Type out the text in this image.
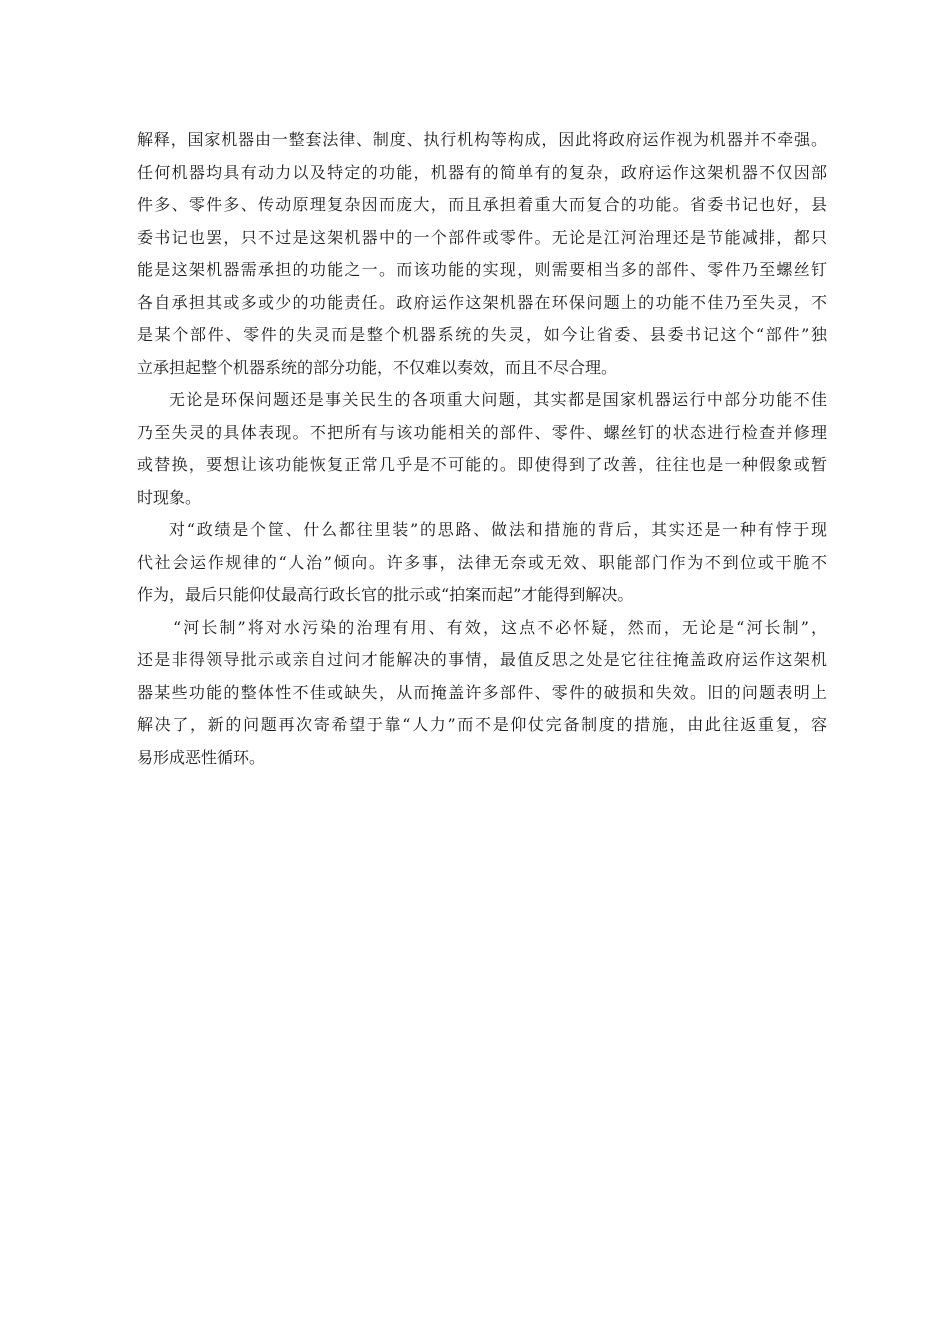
解释，国家机器由一整套法律、制度、执行机构等构成，因此将政府运作视为机器并不牵强。
任何机器均具有动力以及特定的功能，机器有的简单有的复杂，政府运作这架机器不仅因部
件多、零件多、传动原理复杂因而庞大，而且承担着重大而复合的功能。省委书记也好，县
委书记也罢，只不过是这架机器中的一个部件或零件。无论是江河治理还是节能减排，都只
能是这架机器需承担的功能之一。而该功能的实现，则需要相当多的部件、零件乃至螺丝钉
各自承担其或多或少的功能责任。政府运作这架机器在环保问题上的功能不佳乃至失灵，不
是某个部件、零件的失灵而是整个机器系统的失灵，如今让省委、县委书记这个“部件”独
立承担起整个机器系统的部分功能，不仅难以奏效，而且不尽合理。
无论是环保问题还是事关民生的各项重大问题，其实都是国家机器运行中部分功能不佳
乃至失灵的具体表现。不把所有与该功能相关的部件、零件、螺丝钉的状态进行检查并修理
或替换，要想让该功能恢复正常几乎是不可能的。即使得到了改善，往往也是一种假象或暂
时现象。
对“政绩是个筐、什么都往里装”的思路、做法和措施的背后，其实还是一种有悖于现
代社会运作规律的“人治”倾向。许多事，法律无奈或无效、职能部门作为不到位或干脆不
作为，最后只能仰仗最高行政长官的批示或“拍案而起”才能得到解决。
“河长制”将对水污染的治理有用、有效，这点不必怀疑，然而，无论是“河长制”，
还是非得领导批示或亲自过问才能解决的事情，最值反思之处是它往往掩盖政府运作这架机
器某些功能的整体性不佳或缺失，从而掩盖许多部件、零件的破损和失效。旧的问题表明上
解决了，新的问题再次寄希望于靠“人力”而不是仰仗完备制度的措施，由此往返重复，容
易形成恶性循环。
